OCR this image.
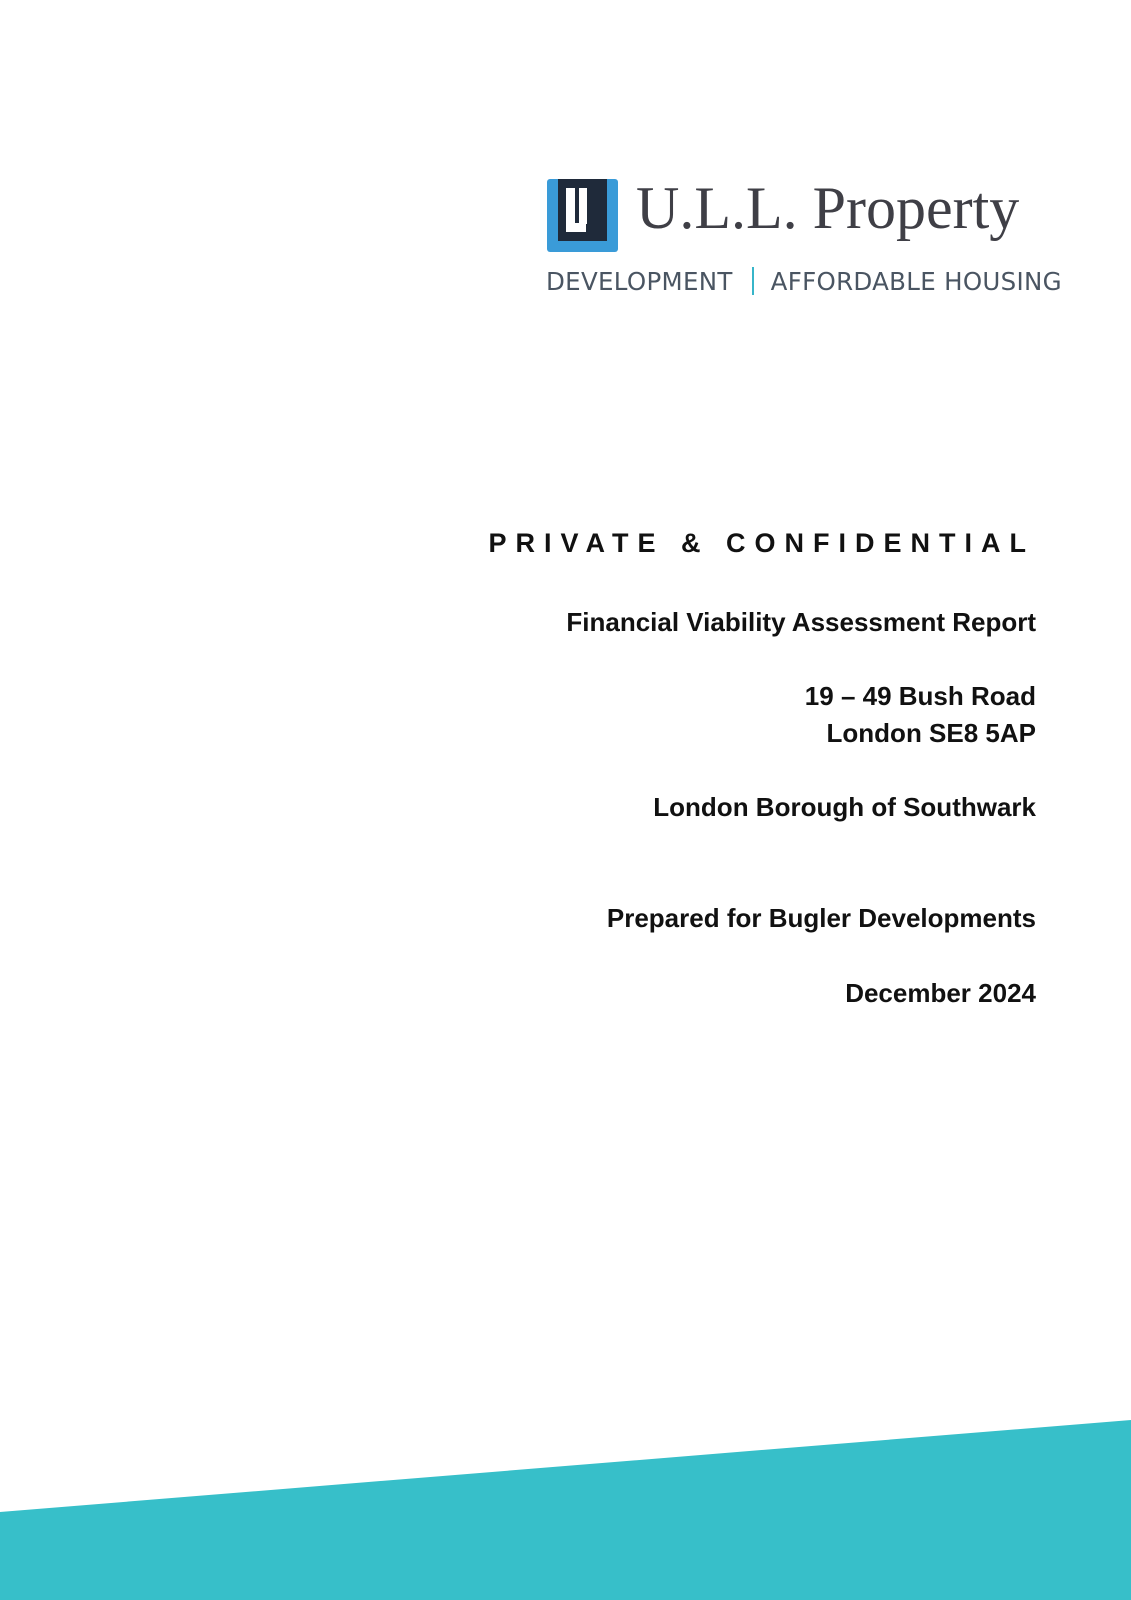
U.L.L. Property
DEVELOPMENT AFFORDABLE HOUSING
PRIVATE & CONFIDENTIAL
Financial Viability Assessment Report
19 – 49 Bush Road
London SE8 5AP
London Borough of Southwark
Prepared for Bugler Developments
December 2024
